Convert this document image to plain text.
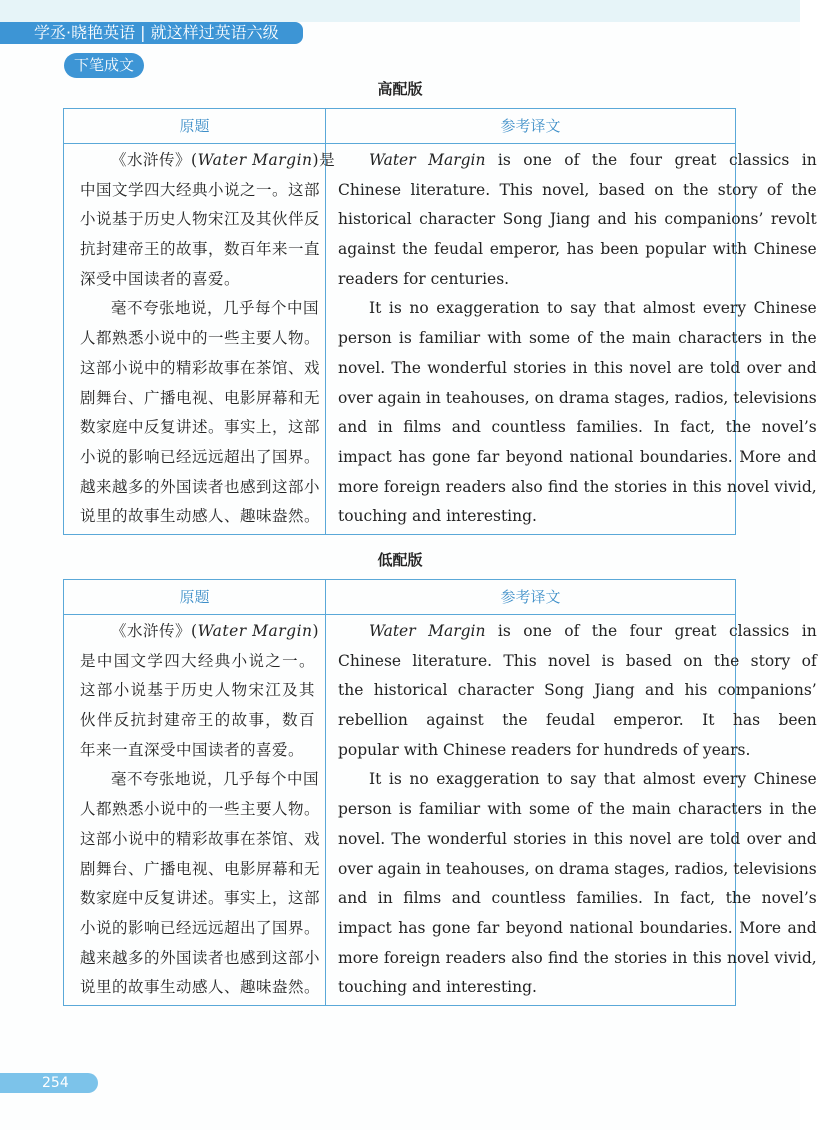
学丞·晓艳英语 | 就这样过英语六级
下笔成文
高配版
原题	参考译文
《水浒传》(Water Margin)是
中国文学四大经典小说之一。这部
小说基于历史人物宋江及其伙伴反
抗封建帝王的故事，数百年来一直
深受中国读者的喜爱。
毫不夸张地说，几乎每个中国
人都熟悉小说中的一些主要人物。
这部小说中的精彩故事在茶馆、戏
剧舞台、广播电视、电影屏幕和无
数家庭中反复讲述。事实上，这部
小说的影响已经远远超出了国界。
越来越多的外国读者也感到这部小
说里的故事生动感人、趣味盎然。
Water Margin is one of the four great classics in
Chinese literature. This novel, based on the story of the
historical character Song Jiang and his companions’ revolt
against the feudal emperor, has been popular with Chinese
readers for centuries.
It is no exaggeration to say that almost every Chinese
person is familiar with some of the main characters in the
novel. The wonderful stories in this novel are told over and
over again in teahouses, on drama stages, radios, televisions
and in films and countless families. In fact, the novel’s
impact has gone far beyond national boundaries. More and
more foreign readers also find the stories in this novel vivid,
touching and interesting.
低配版
原题	参考译文
《水浒传》(Water Margin)
是中国文学四大经典小说之一。
这部小说基于历史人物宋江及其
伙伴反抗封建帝王的故事，数百
年来一直深受中国读者的喜爱。
毫不夸张地说，几乎每个中国
人都熟悉小说中的一些主要人物。
这部小说中的精彩故事在茶馆、戏
剧舞台、广播电视、电影屏幕和无
数家庭中反复讲述。事实上，这部
小说的影响已经远远超出了国界。
越来越多的外国读者也感到这部小
说里的故事生动感人、趣味盎然。
Water Margin is one of the four great classics in
Chinese literature. This novel is based on the story of
the historical character Song Jiang and his companions’
rebellion against the feudal emperor. It has been
popular with Chinese readers for hundreds of years.
It is no exaggeration to say that almost every Chinese
person is familiar with some of the main characters in the
novel. The wonderful stories in this novel are told over and
over again in teahouses, on drama stages, radios, televisions
and in films and countless families. In fact, the novel’s
impact has gone far beyond national boundaries. More and
more foreign readers also find the stories in this novel vivid,
touching and interesting.
254
